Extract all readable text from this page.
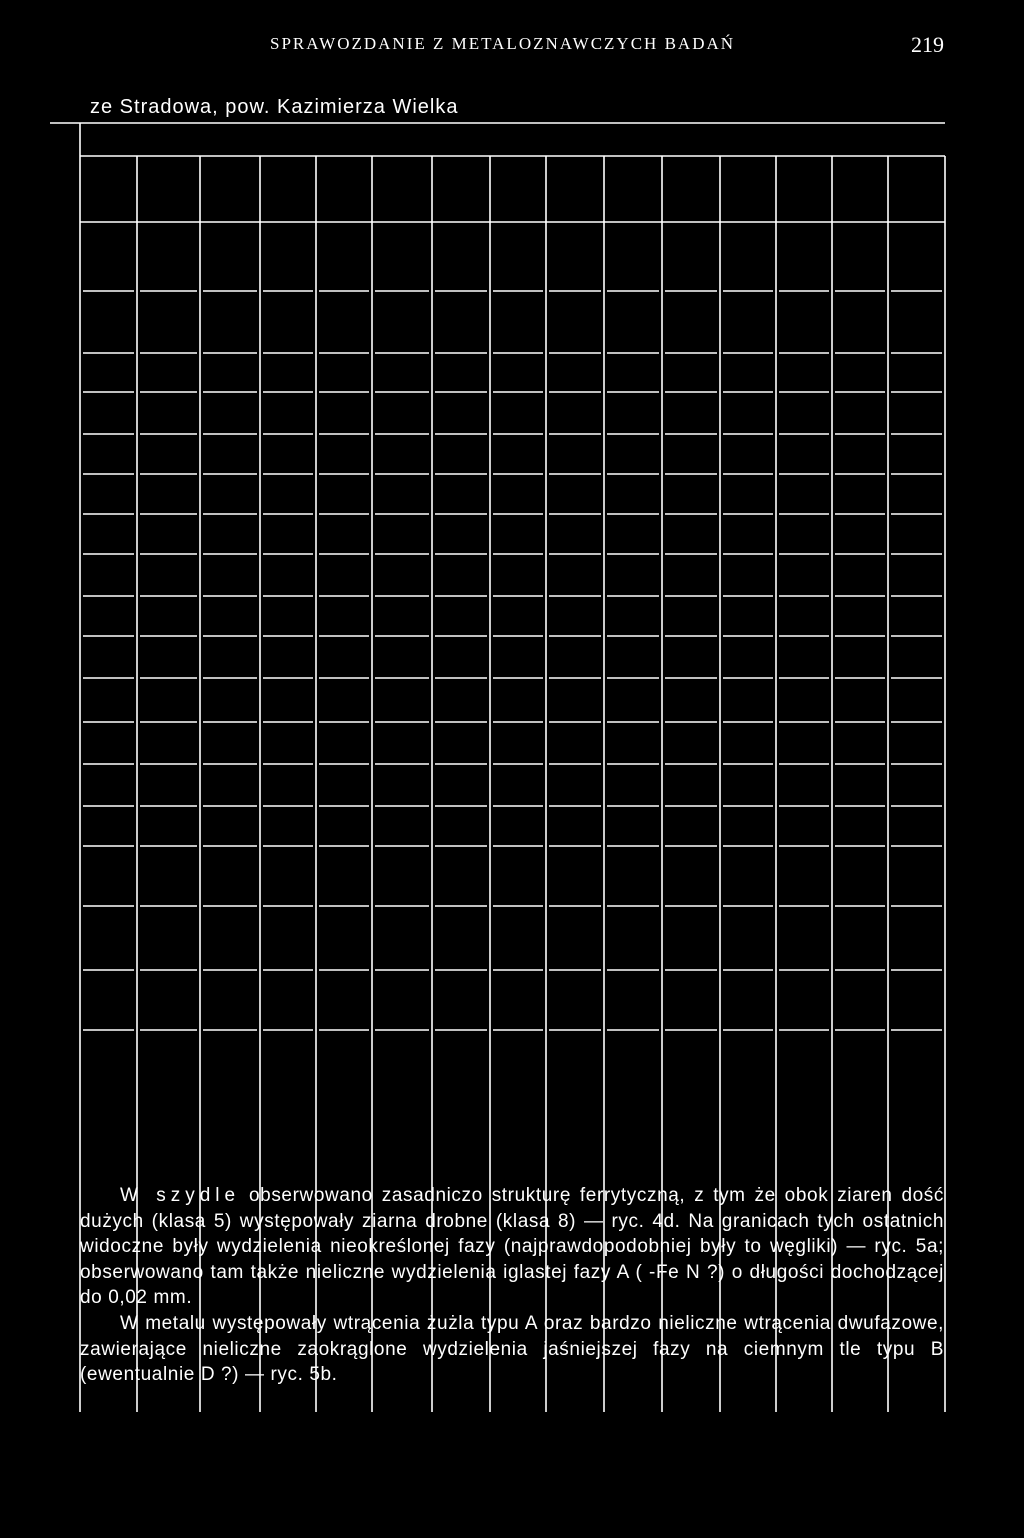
SPRAWOZDANIE Z METALOZNAWCZYCH BADAŃ	219
ze Stradowa, pow. Kazimierza Wielka

W szydle obserwowano zasadniczo strukturę ferrytyczną, z tym że obok ziaren dość dużych (klasa 5) występowały ziarna drobne (klasa 8) — ryc. 4d. Na granicach tych ostatnich widoczne były wydzielenia nieokreślonej fazy (najprawdopodobniej były to węgliki) — ryc. 5a; obserwowano tam także nieliczne wydzielenia iglastej fazy A ( -Fe N ?) o długości dochodzącej do 0,02 mm.

W metalu występowały wtrącenia żużla typu A oraz bardzo nieliczne wtrącenia dwufazowe, zawierające nieliczne zaokrąglone wydzielenia jaśniejszej fazy na ciemnym tle typu B (ewentualnie D ?) — ryc. 5b.
